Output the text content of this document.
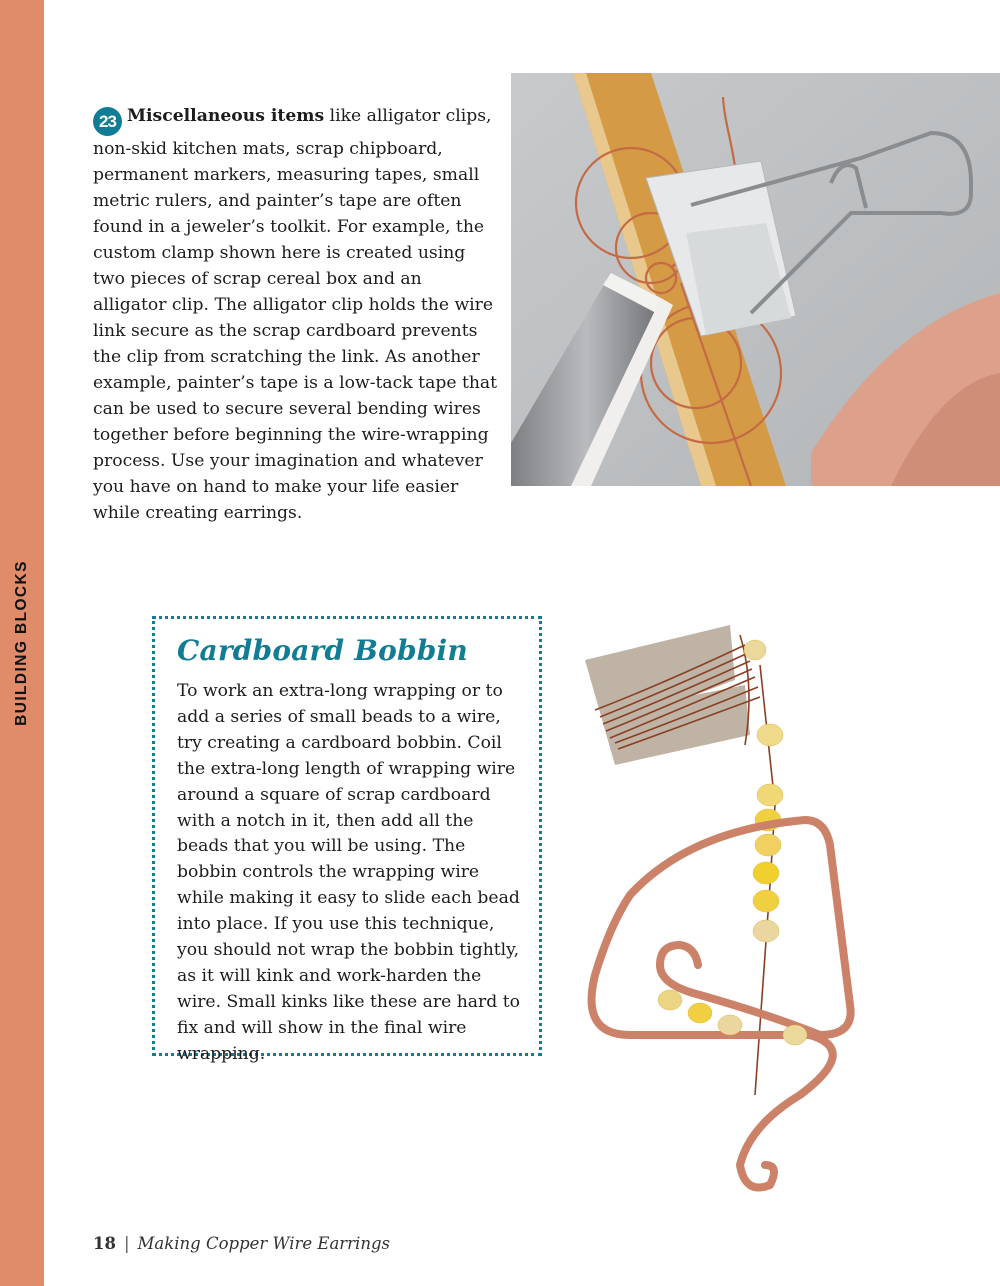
BUILDING BLOCKS
23 Miscellaneous items like alligator clips, non-skid kitchen mats, scrap chipboard, permanent markers, measuring tapes, small metric rulers, and painter’s tape are often found in a jeweler’s toolkit. For example, the custom clamp shown here is created using two pieces of scrap cereal box and an alligator clip. The alligator clip holds the wire link secure as the scrap cardboard prevents the clip from scratching the link. As another example, painter’s tape is a low-tack tape that can be used to secure several bending wires together before beginning the wire-wrapping process. Use your imagination and whatever you have on hand to make your life easier while creating earrings.
Cardboard Bobbin
To work an extra-long wrapping or to add a series of small beads to a wire, try creating a cardboard bobbin. Coil the extra-long length of wrapping wire around a square of scrap cardboard with a notch in it, then add all the beads that you will be using. The bobbin controls the wrapping wire while making it easy to slide each bead into place. If you use this technique, you should not wrap the bobbin tightly, as it will kink and work-harden the wire. Small kinks like these are hard to fix and will show in the final wire wrapping.
18 | Making Copper Wire Earrings
